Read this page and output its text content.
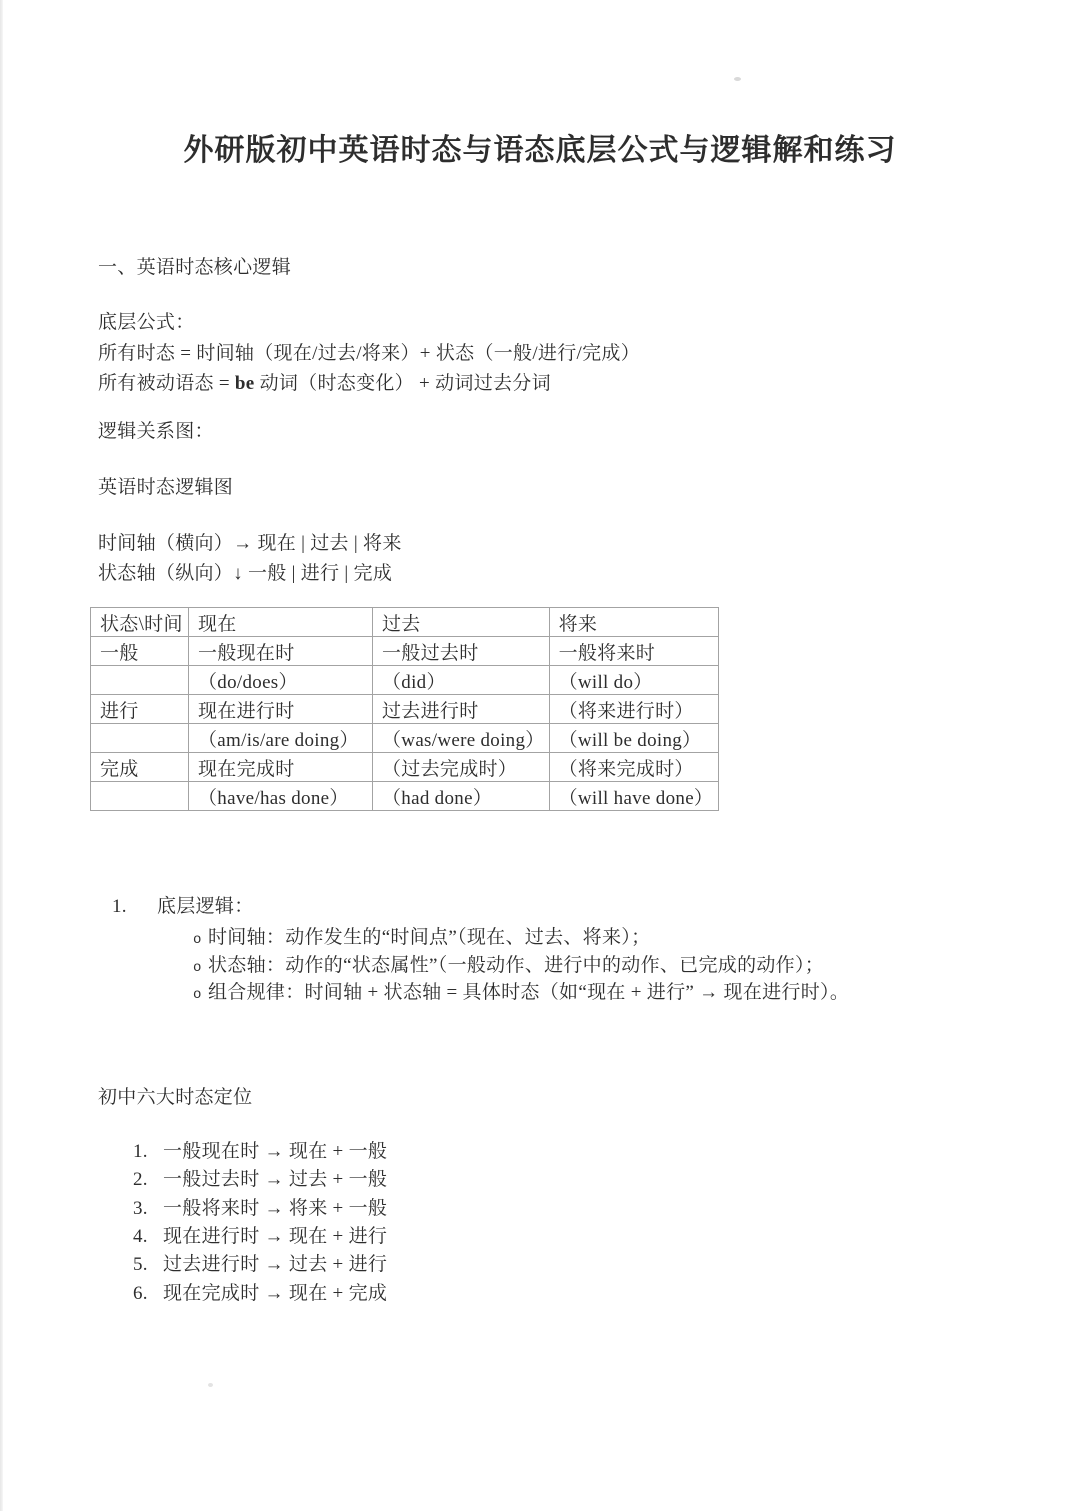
外研版初中英语时态与语态底层公式与逻辑解和练习
一、英语时态核心逻辑
底层公式：
所有时态 = 时间轴（现在/过去/将来）+ 状态（一般/进行/完成）
所有被动语态 = be 动词（时态变化） + 动词过去分词
逻辑关系图：
英语时态逻辑图
时间轴（横向）→ 现在 | 过去 | 将来
状态轴（纵向）↓ 一般 | 进行 | 完成
状态\时间	现在	过去	将来
一般	一般现在时	一般过去时	一般将来时
	（do/does）	（did）	（will do）
进行	现在进行时	过去进行时	（将来进行时）
	（am/is/are doing）	（was/were doing）	（will be doing）
完成	现在完成时	（过去完成时）	（将来完成时）
	（have/has done）	（had done）	（will have done）
1. 底层逻辑：
o 时间轴：动作发生的“时间点”（现在、过去、将来）；
o 状态轴：动作的“状态属性”（一般动作、进行中的动作、已完成的动作）；
o 组合规律：时间轴 + 状态轴 = 具体时态（如“现在 + 进行” → 现在进行时）。
初中六大时态定位
1. 一般现在时 → 现在 + 一般
2. 一般过去时 → 过去 + 一般
3. 一般将来时 → 将来 + 一般
4. 现在进行时 → 现在 + 进行
5. 过去进行时 → 过去 + 进行
6. 现在完成时 → 现在 + 完成
